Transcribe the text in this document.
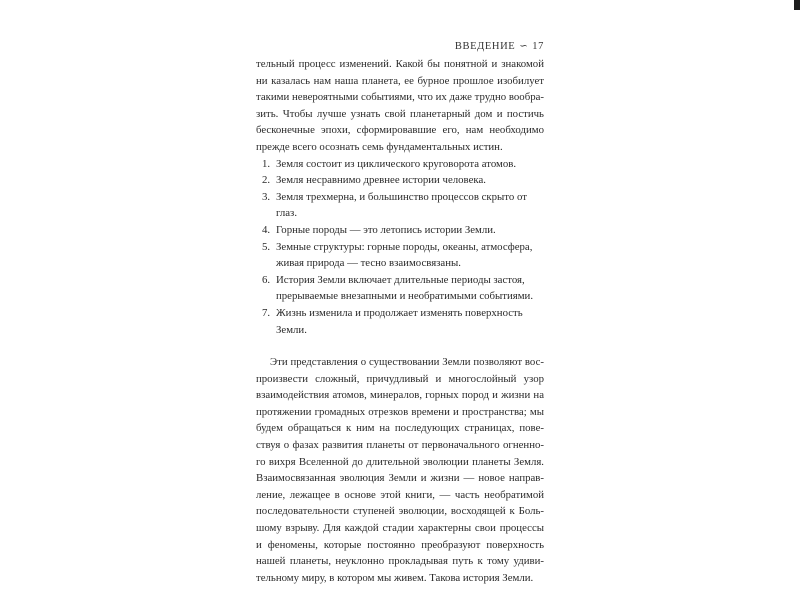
ВВЕДЕНИЕ ∽ 17

тельный процесс изменений. Какой бы понятной и знакомой ни казалась нам наша планета, ее бурное прошлое изобилует такими невероятными событиями, что их даже трудно вообразить. Чтобы лучше узнать свой планетарный дом и постичь бесконечные эпохи, сформировавшие его, нам необходимо прежде всего осознать семь фундаментальных истин.

1. Земля состоит из циклического круговорота атомов.
2. Земля несравнимо древнее истории человека.
3. Земля трехмерна, и большинство процессов скрыто от глаз.
4. Горные породы — это летопись истории Земли.
5. Земные структуры: горные породы, океаны, атмосфера, живая природа — тесно взаимосвязаны.
6. История Земли включает длительные периоды застоя, прерываемые внезапными и необратимыми событиями.
7. Жизнь изменила и продолжает изменять поверхность Земли.

Эти представления о существовании Земли позволяют воспроизвести сложный, причудливый и многослойный узор взаимодействия атомов, минералов, горных пород и жизни на протяжении громадных отрезков времени и пространства; мы будем обращаться к ним на последующих страницах, повествуя о фазах развития планеты от первоначального огненного вихря Вселенной до длительной эволюции планеты Земля. Взаимосвязанная эволюция Земли и жизни — новое направление, лежащее в основе этой книги, — часть необратимой последовательности ступеней эволюции, восходящей к Большому взрыву. Для каждой стадии характерны свои процессы и феномены, которые постоянно преобразуют поверхность нашей планеты, неуклонно прокладывая путь к тому удивительному миру, в котором мы живем. Такова история Земли.
